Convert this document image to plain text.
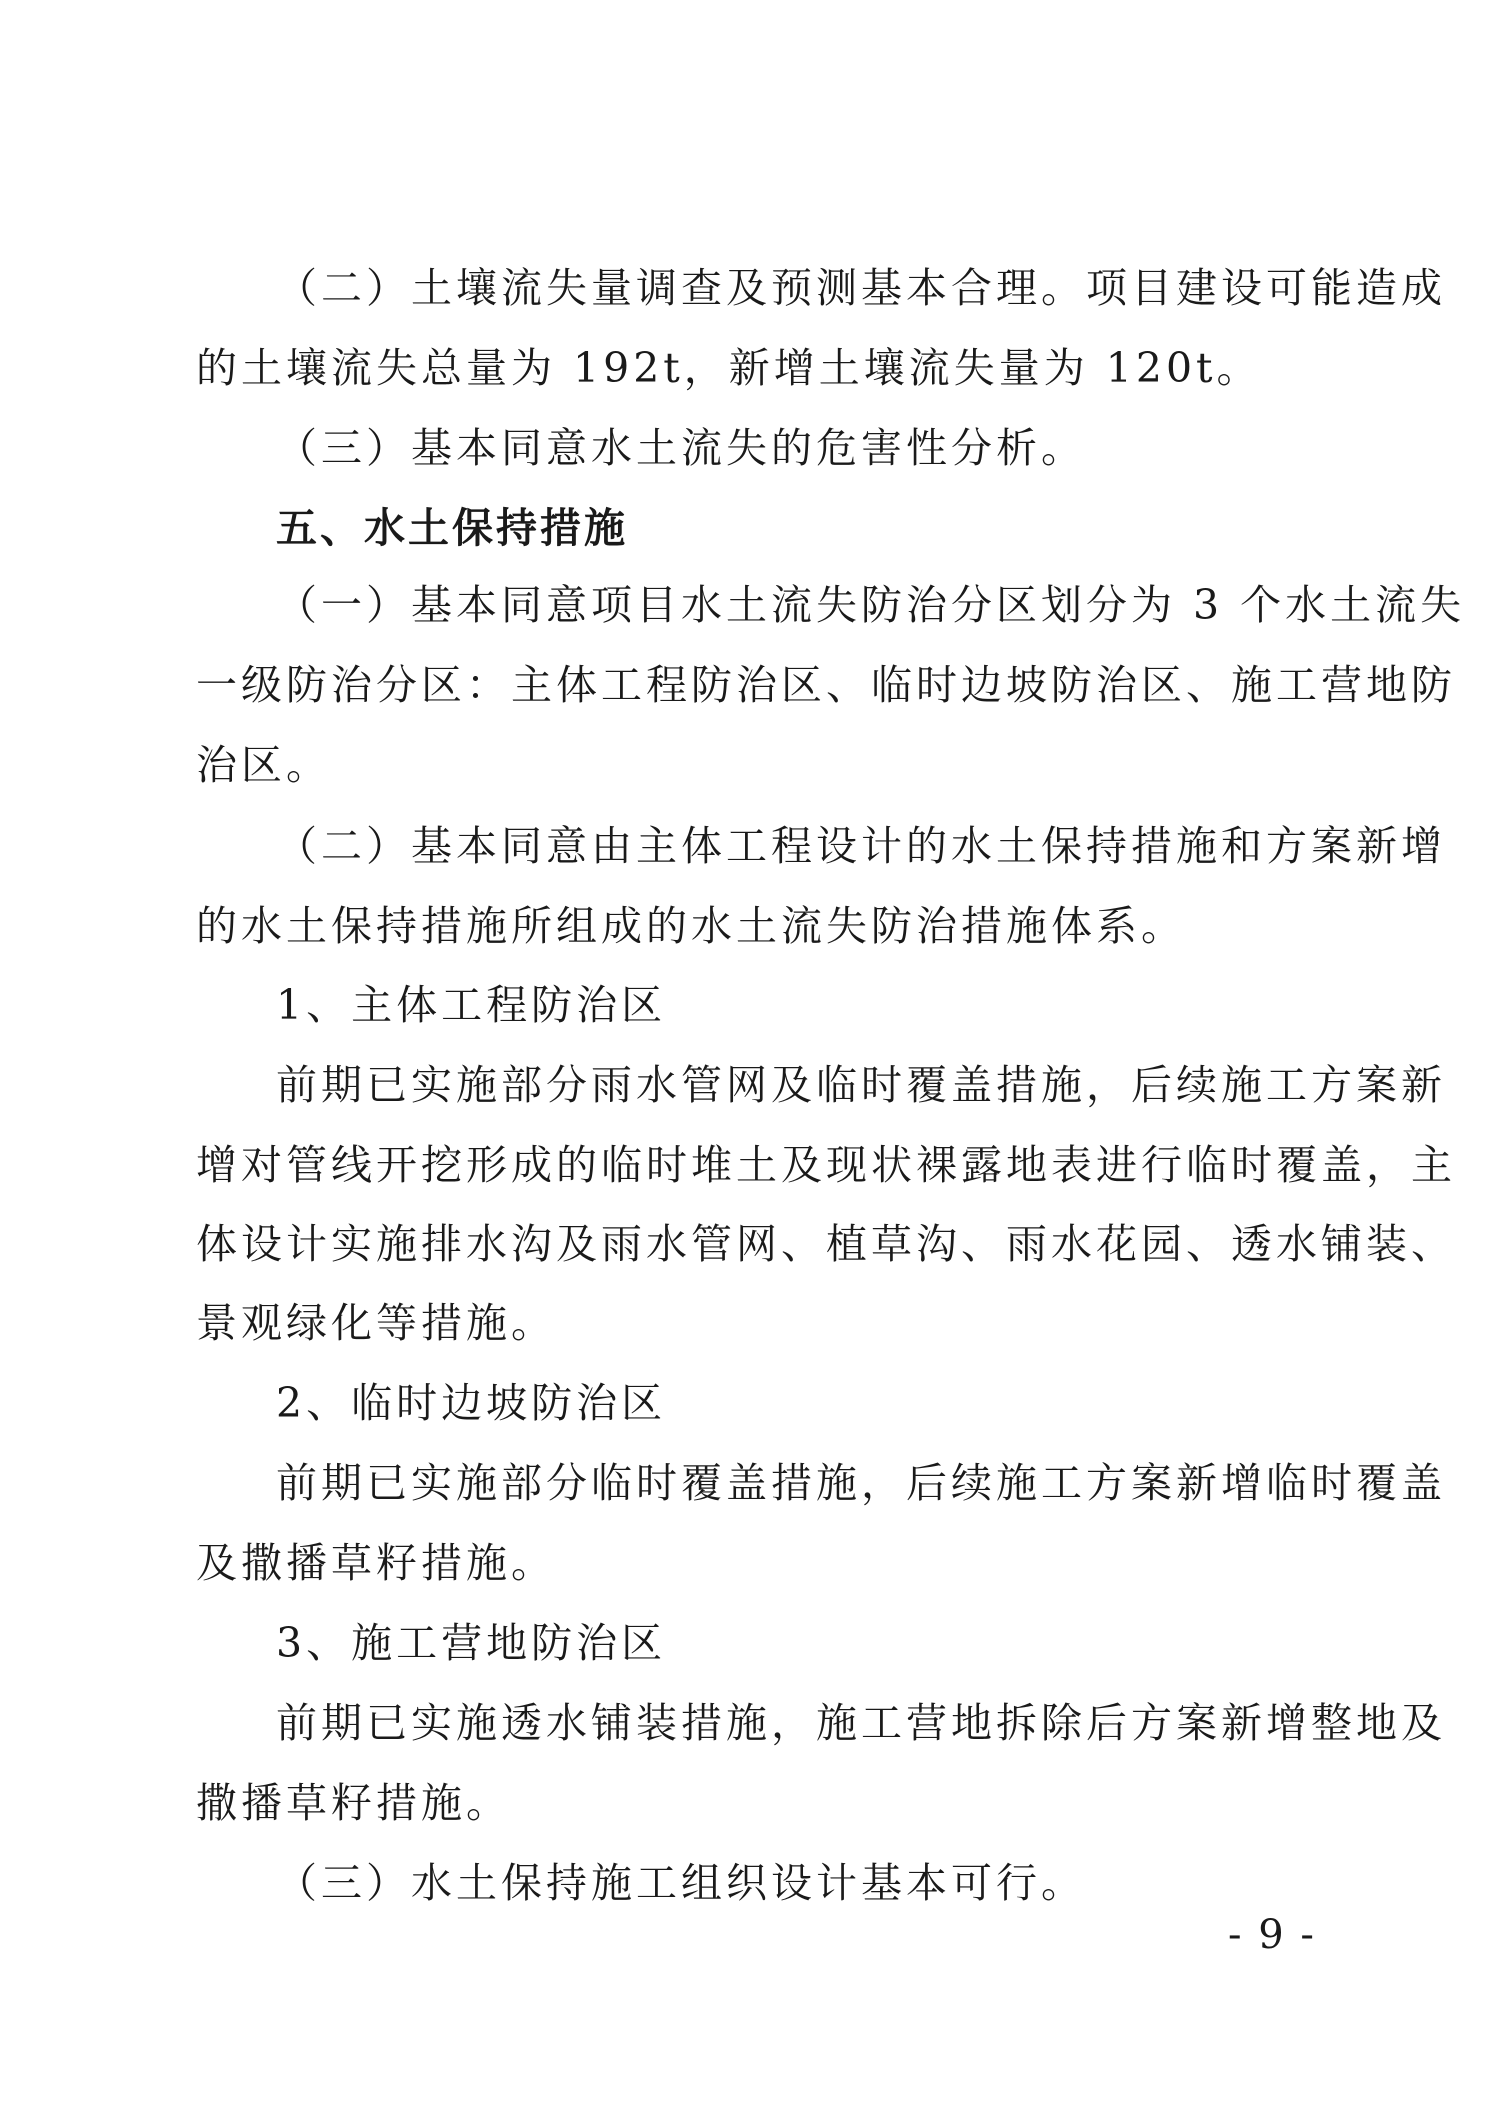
（二）土壤流失量调查及预测基本合理。项目建设可能造成
的土壤流失总量为 192t，新增土壤流失量为 120t。
（三）基本同意水土流失的危害性分析。
五、水土保持措施
（一）基本同意项目水土流失防治分区划分为 3 个水土流失
一级防治分区：主体工程防治区、临时边坡防治区、施工营地防
治区。
（二）基本同意由主体工程设计的水土保持措施和方案新增
的水土保持措施所组成的水土流失防治措施体系。
1、主体工程防治区
前期已实施部分雨水管网及临时覆盖措施，后续施工方案新
增对管线开挖形成的临时堆土及现状裸露地表进行临时覆盖，主
体设计实施排水沟及雨水管网、植草沟、雨水花园、透水铺装、
景观绿化等措施。
2、临时边坡防治区
前期已实施部分临时覆盖措施，后续施工方案新增临时覆盖
及撒播草籽措施。
3、施工营地防治区
前期已实施透水铺装措施，施工营地拆除后方案新增整地及
撒播草籽措施。
（三）水土保持施工组织设计基本可行。
- 9 -
